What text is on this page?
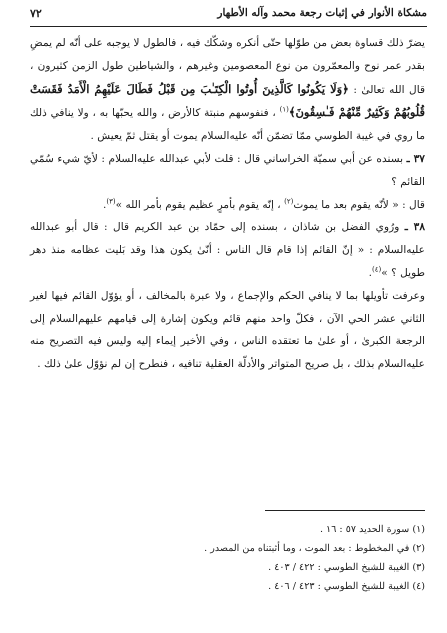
مشكاة الأنوار في إثبات رجعة محمد وآله الأطهار
٧٢

يضرّ ذلك قساوة بعض من طوّلها حتّى أنكره وشكّك فيه ، فالطول لا يوجبه على أنّه لم يمضِ بقدر عمر نوح والمعمّرون من نوع المعصومين وغيرهم ، والشياطين طول الزمن كثيرون ، قال الله تعالىٰ : ﴿وَلَا يَكُونُوا كَالَّذِينَ أُوتُوا الْكِتَـٰبَ مِن قَبْلُ فَطَالَ عَلَيْهِمُ الْأَمَدُ فَقَسَتْ قُلُوبُهُمْ وَكَثِيرٌ مِّنْهُمْ فَـٰسِقُونَ﴾$^{(١)}$ ، فنفوسهم منبتة كالأرض ، والله يحبّها به ، ولا ينافي ذلك ما روي في غيبة الطوسي ممّا تضمّن أنّه عليه‌السلام يموت أو يقتل ثمّ يعيش .

٣٧ ـ بسنده عن أبي سميّة الخراساني قال : قلت لأبي عبدالله عليه‌السلام : لأيّ شيء سُمّي القائم ؟

قال : « لأنّه يقوم بعد ما يموت$^{(٢)}$ ، إنّه يقوم بأمرٍ عظيم يقوم بأمر الله »$^{(٣)}$.

٣٨ ـ ورُوي الفضل بن شاذان ، بسنده إلى حمّاد بن عبد الكريم قال : قال أبو عبدالله عليه‌السلام : « إنّ القائم إذا قام قال الناس : أنّىٰ يكون هذا وقد بَليت عظامه منذ دهر طويل ؟ »$^{(٤)}$.

وعرفت تأويلها بما لا ينافي الحكم والإجماع ، ولا عبرة بالمخالف ، أو يؤوّل القائم فيها لغير الثاني عشر الحي الآن ، فكلّ واحد منهم قائم ويكون إشارة إلى قيامهم عليهم‌السلام إلى الرجعة الكبرىٰ ، أو علىٰ ما تعتقده الناس ، وفي الأخير إيماء إليه وليس فيه التصريح منه عليه‌السلام بذلك ، بل صريح المتواتر والأدلّة العقلية تنافيه ، فنطرح إن لم نؤوّل علىٰ ذلك .

(١) سورة الحديد ٥٧ : ١٦ .

(٢) في المخطوط : بعد الموت ، وما أثبتناه من المصدر .

(٣) الغيبة للشيخ الطوسي : ٤٢٢ / ٤٠٣ .

(٤) الغيبة للشيخ الطوسي : ٤٢٣ / ٤٠٦ .
